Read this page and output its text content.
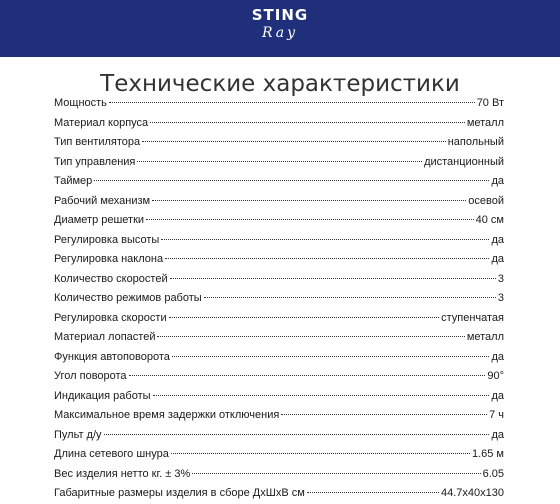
STING
Ray
Технические характеристики
Мощность	70 Вт
Материал корпуса	металл
Тип вентилятора	напольный
Тип управления	дистанционный
Таймер	да
Рабочий механизм	осевой
Диаметр решетки	40 см
Регулировка высоты	да
Регулировка наклона	да
Количество скоростей	3
Количество режимов работы	3
Регулировка скорости	ступенчатая
Материал лопастей	металл
Функция автоповорота	да
Угол поворота	90°
Индикация работы	да
Максимальное время задержки отключения	7 ч
Пульт д/у	да
Длина сетевого шнура	1.65 м
Вес изделия нетто кг. ± 3%	6.05
Габаритные размеры изделия в сборе ДхШхВ см	44.7x40x130
